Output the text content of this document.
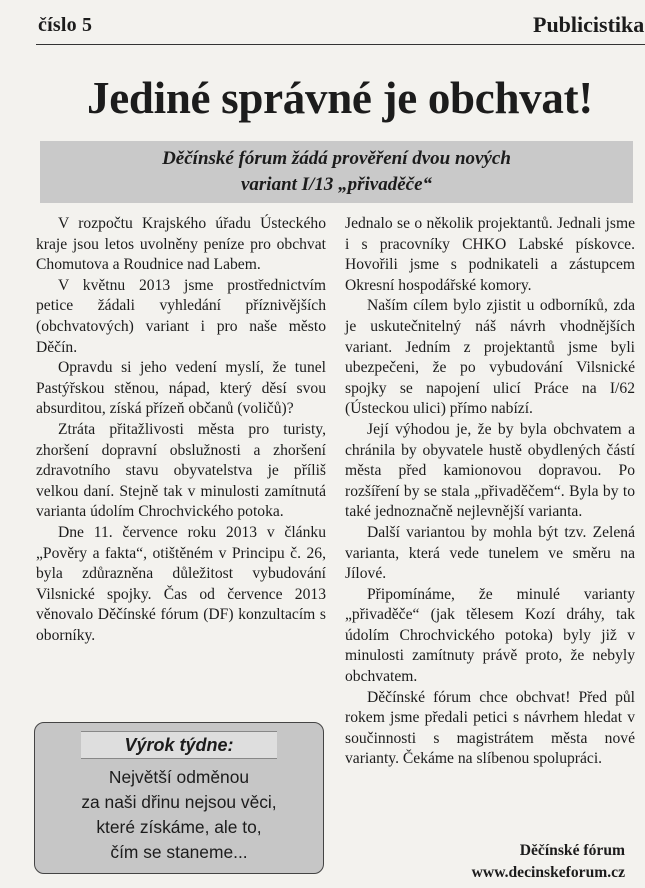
číslo 5	Publicistika
Jediné správné je obchvat!

Děčínské fórum žádá prověření dvou nových
variant I/13 „přivaděče“

V rozpočtu Krajského úřadu Ústeckého kraje jsou letos uvolněny peníze pro obchvat Chomutova a Roudnice nad Labem.

V květnu 2013 jsme prostřednictvím petice žádali vyhledání příznivějších (obchvatových) variant i pro naše město Děčín.

Opravdu si jeho vedení myslí, že tunel Pastýřskou stěnou, nápad, který děsí svou absurditou, získá přízeň občanů (voličů)?

Ztráta přitažlivosti města pro turisty, zhoršení dopravní obslužnosti a zhoršení zdravotního stavu obyvatelstva je příliš velkou daní. Stejně tak v minulosti zamítnutá varianta údolím Chrochvického potoka.

Dne 11. července roku 2013 v článku „Pověry a fakta“, otištěném v Principu č. 26, byla zdůrazněna důležitost vybudování Vilsnické spojky. Čas od července 2013 věnovalo Děčínské fórum (DF) konzultacím s oborníky.

Jednalo se o několik projektantů. Jednali jsme i s pracovníky CHKO Labské pískovce. Hovořili jsme s podnikateli a zástupcem Okresní hospodářské komory.

Naším cílem bylo zjistit u odborníků, zda je uskutečnitelný náš návrh vhodnějších variant. Jedním z projektantů jsme byli ubezpečeni, že po vybudování Vilsnické spojky se napojení ulicí Práce na I/62 (Ústeckou ulici) přímo nabízí.

Její výhodou je, že by byla obchvatem a chránila by obyvatele hustě obydlených částí města před kamionovou dopravou. Po rozšíření by se stala „přivaděčem“. Byla by to také jednoznačně nejlevnější varianta.

Další variantou by mohla být tzv. Zelená varianta, která vede tunelem ve směru na Jílové.

Připomínáme, že minulé varianty „přivaděče“ (jak tělesem Kozí dráhy, tak údolím Chrochvického potoka) byly již v minulosti zamítnuty právě proto, že nebyly obchvatem.

Děčínské fórum chce obchvat! Před půl rokem jsme předali petici s návrhem hledat v součinnosti s magistrátem města nové varianty. Čekáme na slíbenou spolupráci.

Výrok týdne:
Největší odměnou
za naši dřinu nejsou věci,
které získáme, ale to,
čím se staneme...	Děčínské fórum
www.decinskeforum.cz
